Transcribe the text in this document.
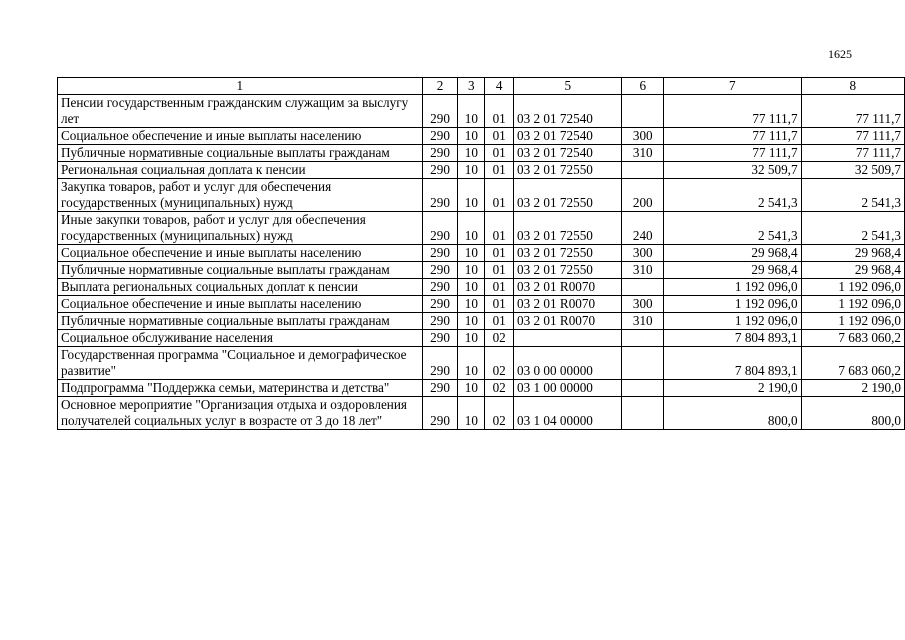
1625
1	2	3	4	5	6	7	8
Пенсии государственным гражданским служащим за выслугу лет	290	10	01	03 2 01 72540		77 111,7	77 111,7
Социальное обеспечение и иные выплаты населению	290	10	01	03 2 01 72540	300	77 111,7	77 111,7
Публичные нормативные социальные выплаты гражданам	290	10	01	03 2 01 72540	310	77 111,7	77 111,7
Региональная социальная доплата к пенсии	290	10	01	03 2 01 72550		32 509,7	32 509,7
Закупка товаров, работ и услуг для обеспечения государственных (муниципальных) нужд	290	10	01	03 2 01 72550	200	2 541,3	2 541,3
Иные закупки товаров, работ и услуг для обеспечения государственных (муниципальных) нужд	290	10	01	03 2 01 72550	240	2 541,3	2 541,3
Социальное обеспечение и иные выплаты населению	290	10	01	03 2 01 72550	300	29 968,4	29 968,4
Публичные нормативные социальные выплаты гражданам	290	10	01	03 2 01 72550	310	29 968,4	29 968,4
Выплата региональных социальных доплат к пенсии	290	10	01	03 2 01 R0070		1 192 096,0	1 192 096,0
Социальное обеспечение и иные выплаты населению	290	10	01	03 2 01 R0070	300	1 192 096,0	1 192 096,0
Публичные нормативные социальные выплаты гражданам	290	10	01	03 2 01 R0070	310	1 192 096,0	1 192 096,0
Социальное обслуживание населения	290	10	02			7 804 893,1	7 683 060,2
Государственная программа "Социальное и демографическое развитие"	290	10	02	03 0 00 00000		7 804 893,1	7 683 060,2
Подпрограмма "Поддержка семьи, материнства и детства"	290	10	02	03 1 00 00000		2 190,0	2 190,0
Основное мероприятие "Организация отдыха и оздоровления получателей социальных услуг в возрасте от 3 до 18 лет"	290	10	02	03 1 04 00000		800,0	800,0
